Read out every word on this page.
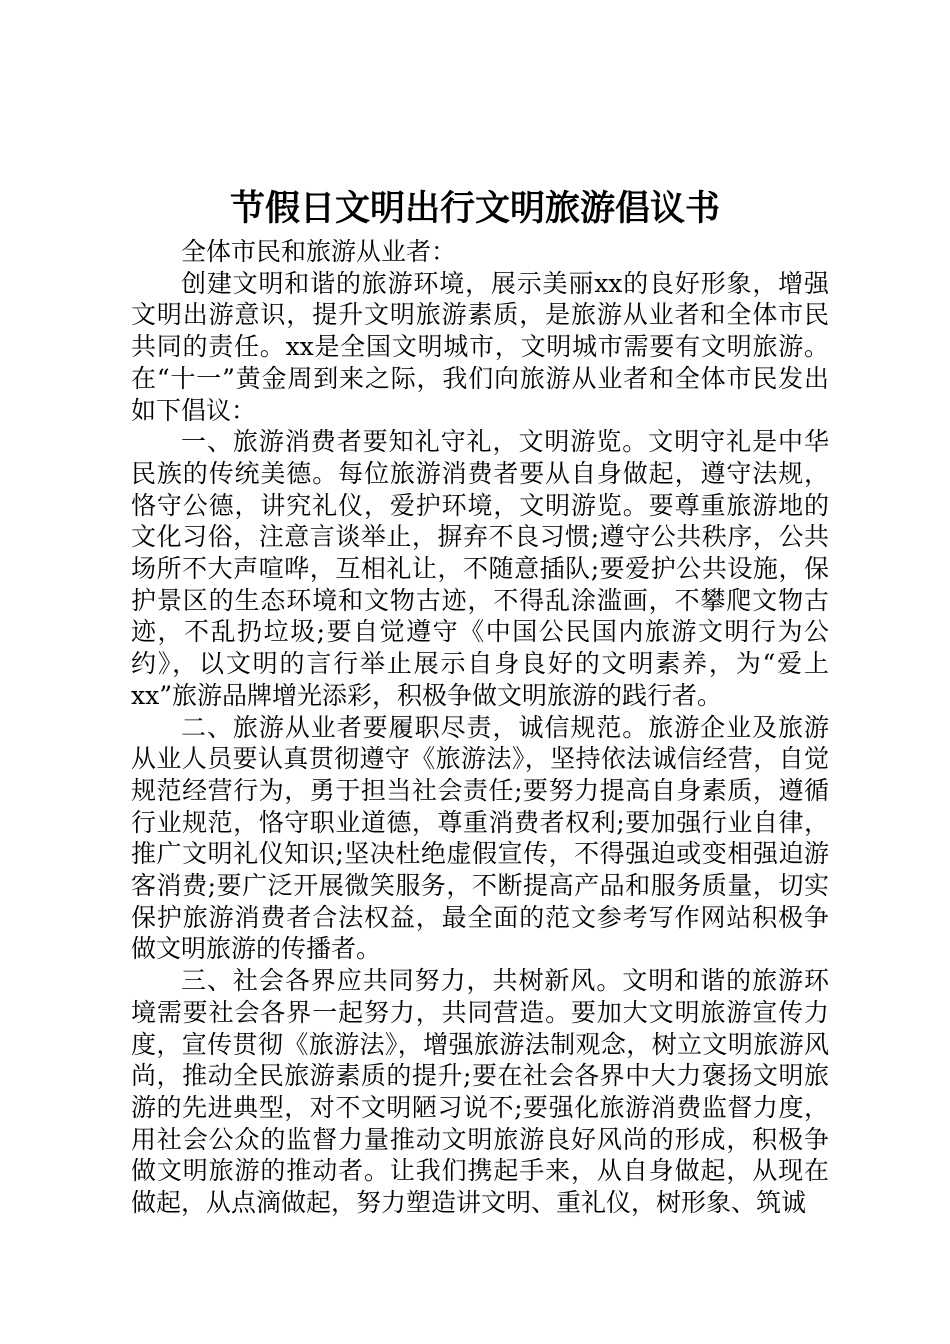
节假日文明出行文明旅游倡议书

全体市民和旅游从业者：

创建文明和谐的旅游环境，展示美丽xx的良好形象，增强文明出游意识，提升文明旅游素质，是旅游从业者和全体市民共同的责任。xx是全国文明城市，文明城市需要有文明旅游。在“十一”黄金周到来之际，我们向旅游从业者和全体市民发出如下倡议：

一、旅游消费者要知礼守礼，文明游览。文明守礼是中华民族的传统美德。每位旅游消费者要从自身做起，遵守法规，恪守公德，讲究礼仪，爱护环境，文明游览。要尊重旅游地的文化习俗，注意言谈举止，摒弃不良习惯;遵守公共秩序，公共场所不大声喧哗，互相礼让，不随意插队;要爱护公共设施，保护景区的生态环境和文物古迹，不得乱涂滥画，不攀爬文物古迹，不乱扔垃圾;要自觉遵守《中国公民国内旅游文明行为公约》，以文明的言行举止展示自身良好的文明素养，为“爱上xx”旅游品牌增光添彩，积极争做文明旅游的践行者。

二、旅游从业者要履职尽责，诚信规范。旅游企业及旅游从业人员要认真贯彻遵守《旅游法》，坚持依法诚信经营，自觉规范经营行为，勇于担当社会责任;要努力提高自身素质，遵循行业规范，恪守职业道德，尊重消费者权利;要加强行业自律，推广文明礼仪知识;坚决杜绝虚假宣传，不得强迫或变相强迫游客消费;要广泛开展微笑服务，不断提高产品和服务质量，切实保护旅游消费者合法权益，最全面的范文参考写作网站积极争做文明旅游的传播者。

三、社会各界应共同努力，共树新风。文明和谐的旅游环境需要社会各界一起努力，共同营造。要加大文明旅游宣传力度，宣传贯彻《旅游法》，增强旅游法制观念，树立文明旅游风尚，推动全民旅游素质的提升;要在社会各界中大力褒扬文明旅游的先进典型，对不文明陋习说不;要强化旅游消费监督力度，用社会公众的监督力量推动文明旅游良好风尚的形成，积极争做文明旅游的推动者。让我们携起手来，从自身做起，从现在做起，从点滴做起，努力塑造讲文明、重礼仪，树形象、筑诚
